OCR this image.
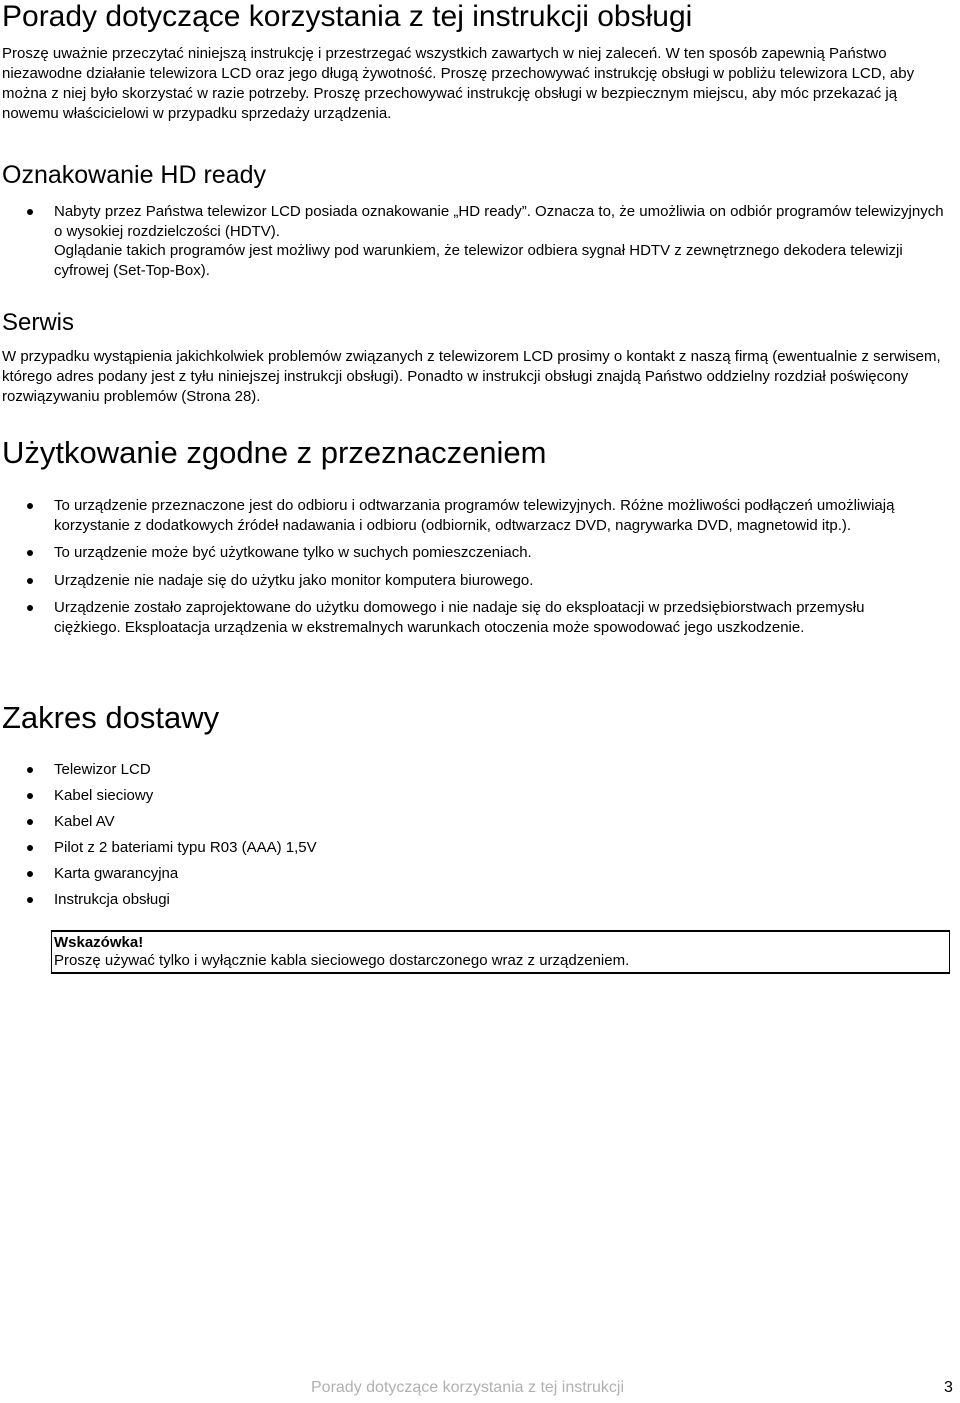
Porady dotyczące korzystania z tej instrukcji obsługi

Proszę uważnie przeczytać niniejszą instrukcję i przestrzegać wszystkich zawartych w niej zaleceń. W ten sposób zapewnią Państwo niezawodne działanie telewizora LCD oraz jego długą żywotność. Proszę przechowywać instrukcję obsługi w pobliżu telewizora LCD, aby można z niej było skorzystać w razie potrzeby. Proszę przechowywać instrukcję obsługi w bezpiecznym miejscu, aby móc przekazać ją nowemu właścicielowi w przypadku sprzedaży urządzenia.

Oznakowanie HD ready
Nabyty przez Państwa telewizor LCD posiada oznakowanie „HD ready”. Oznacza to, że umożliwia on odbiór programów telewizyjnych o wysokiej rozdzielczości (HDTV).
Oglądanie takich programów jest możliwy pod warunkiem, że telewizor odbiera sygnał HDTV z zewnętrznego dekodera telewizji cyfrowej (Set-Top-Box).
Serwis

W przypadku wystąpienia jakichkolwiek problemów związanych z telewizorem LCD prosimy o kontakt z naszą firmą (ewentualnie z serwisem, którego adres podany jest z tyłu niniejszej instrukcji obsługi). Ponadto w instrukcji obsługi znajdą Państwo oddzielny rozdział poświęcony rozwiązywaniu problemów (Strona 28).

Użytkowanie zgodne z przeznaczeniem
To urządzenie przeznaczone jest do odbioru i odtwarzania programów telewizyjnych. Różne możliwości podłączeń umożliwiają korzystanie z dodatkowych źródeł nadawania i odbioru (odbiornik, odtwarzacz DVD, nagrywarka DVD, magnetowid itp.).
To urządzenie może być użytkowane tylko w suchych pomieszczeniach.
Urządzenie nie nadaje się do użytku jako monitor komputera biurowego.
Urządzenie zostało zaprojektowane do użytku domowego i nie nadaje się do eksploatacji w przedsiębiorstwach przemysłu ciężkiego. Eksploatacja urządzenia w ekstremalnych warunkach otoczenia może spowodować jego uszkodzenie.
Zakres dostawy
Telewizor LCD
Kabel sieciowy
Kabel AV
Pilot z 2 bateriami typu R03 (AAA) 1,5V
Karta gwarancyjna
Instrukcja obsługi

Wskazówka!

Proszę używać tylko i wyłącznie kabla sieciowego dostarczonego wraz z urządzeniem.

Porady dotyczące korzystania z tej instrukcji	3
